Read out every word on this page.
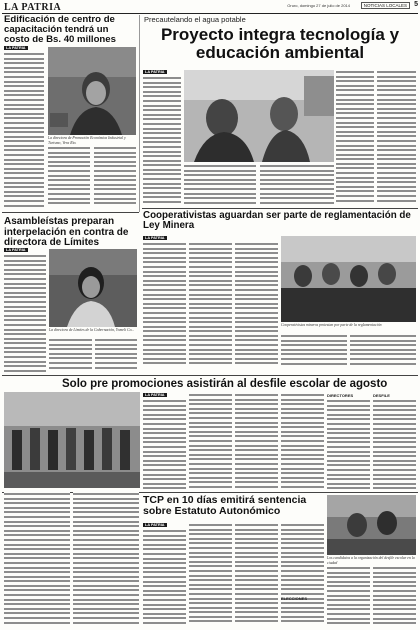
LA PATRIA	Oruro, domingo 27 de julio de 2014	NOTICIAS LOCALES	5
Edificación de centro de capacitación tendrá un costo de Bs. 40 millones
LA PATRIA
La directora de Promoción Económica Industrial y Turismo, Vera Rio.
Precautelando el agua potable
Proyecto integra tecnología y educación ambiental
LA PATRIA
Cooperativistas aguardan ser parte de reglamentación de Ley Minera
LA PATRIA
Cooperativistas mineros protestan por parte de la reglamentación
Asambleístas preparan interpelación en contra de directora de Límites
LA PATRIA
La directora de Límites de la Gobernación, Yomeli Co...
Solo pre promociones asistirán al desfile escolar de agosto
LA PATRIA	DIRECTORES	DESFILE
TCP en 10 días emitirá sentencia sobre Estatuto Autonómico
LA PATRIA
ELECCIONES
Los candidatos a la organización del desfile escolar en la ciudad
